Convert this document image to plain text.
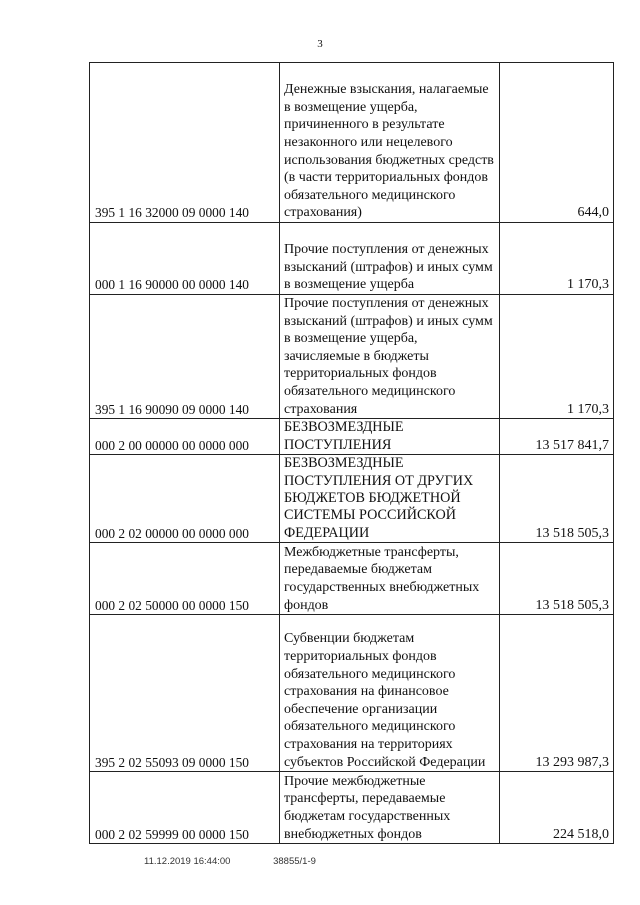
3
395 1 16 32000 09 0000 140	Денежные взыскания, налагаемые в возмещение ущерба, причиненного в результате незаконного или нецелевого использования бюджетных средств (в части территориальных фондов обязательного медицинского страхования)	644,0
000 1 16 90000 00 0000 140	Прочие поступления от денежных взысканий (штрафов) и иных сумм в возмещение ущерба	1 170,3
395 1 16 90090 09 0000 140	Прочие поступления от денежных взысканий (штрафов) и иных сумм в возмещение ущерба, зачисляемые в бюджеты территориальных фондов обязательного медицинского страхования	1 170,3
000 2 00 00000 00 0000 000	БЕЗВОЗМЕЗДНЫЕ ПОСТУПЛЕНИЯ	13 517 841,7
000 2 02 00000 00 0000 000	БЕЗВОЗМЕЗДНЫЕ ПОСТУПЛЕНИЯ ОТ ДРУГИХ БЮДЖЕТОВ БЮДЖЕТНОЙ СИСТЕМЫ РОССИЙСКОЙ ФЕДЕРАЦИИ	13 518 505,3
000 2 02 50000 00 0000 150	Межбюджетные трансферты, передаваемые бюджетам государственных внебюджетных фондов	13 518 505,3
395 2 02 55093 09 0000 150	Субвенции бюджетам территориальных фондов обязательного медицинского страхования на финансовое обеспечение организации обязательного медицинского страхования на территориях субъектов Российской Федерации	13 293 987,3
000 2 02 59999 00 0000 150	Прочие межбюджетные трансферты, передаваемые бюджетам государственных внебюджетных фондов	224 518,0
11.12.2019 16:44:00	38855/1-9
